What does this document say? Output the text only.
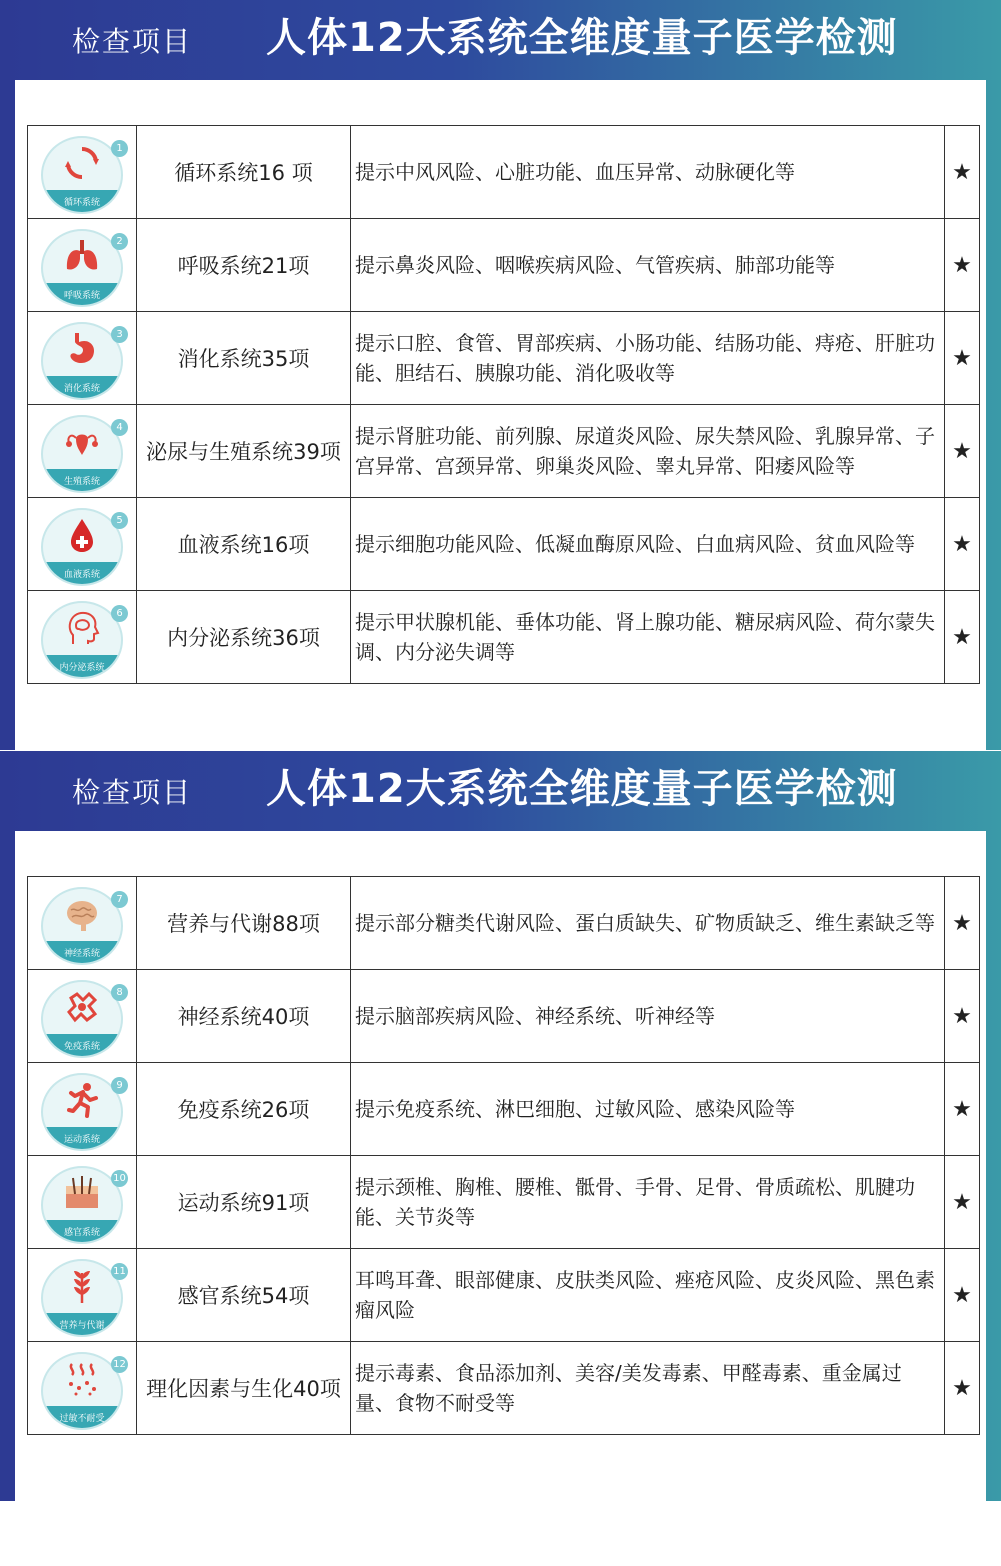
检查项目 人体12大系统全维度量子医学检测
循环系统
1	循环系统16 项	提示中风风险、心脏功能、血压异常、动脉硬化等	★

呼吸系统
2	呼吸系统21项	提示鼻炎风险、咽喉疾病风险、气管疾病、肺部功能等	★

消化系统
3	消化系统35项	提示口腔、食管、胃部疾病、小肠功能、结肠功能、痔疮、肝脏功能、胆结石、胰腺功能、消化吸收等	★

生殖系统
4	泌尿与生殖系统39项	提示肾脏功能、前列腺、尿道炎风险、尿失禁风险、乳腺异常、子宫异常、宫颈异常、卵巢炎风险、睾丸异常、阳痿风险等	★

血液系统
5	血液系统16项	提示细胞功能风险、低凝血酶原风险、白血病风险、贫血风险等	★

内分泌系统
6	内分泌系统36项	提示甲状腺机能、垂体功能、肾上腺功能、糖尿病风险、荷尔蒙失调、内分泌失调等	★
检查项目 人体12大系统全维度量子医学检测
神经系统
7	营养与代谢88项	提示部分糖类代谢风险、蛋白质缺失、矿物质缺乏、维生素缺乏等	★

免疫系统
8	神经系统40项	提示脑部疾病风险、神经系统、听神经等	★

运动系统
9	免疫系统26项	提示免疫系统、淋巴细胞、过敏风险、感染风险等	★

感官系统
10	运动系统91项	提示颈椎、胸椎、腰椎、骶骨、手骨、足骨、骨质疏松、肌腱功能、关节炎等	★

营养与代谢
11	感官系统54项	耳鸣耳聋、眼部健康、皮肤类风险、痤疮风险、皮炎风险、黑色素瘤风险	★

过敏不耐受
12	理化因素与生化40项	提示毒素、食品添加剂、美容/美发毒素、甲醛毒素、重金属过量、食物不耐受等	★
